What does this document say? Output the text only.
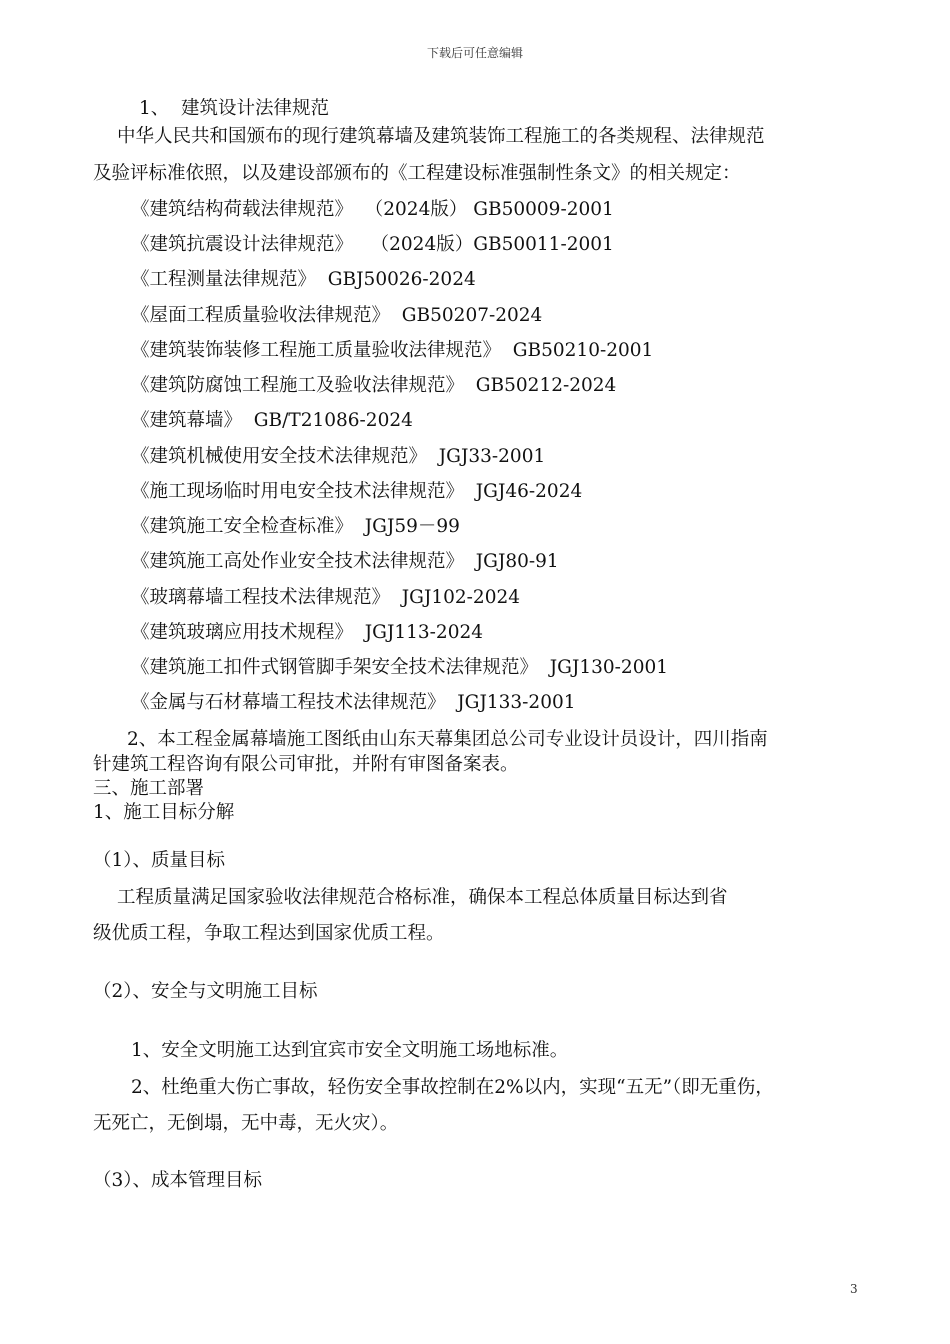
下载后可任意编辑
1、  建筑设计法律规范
中华人民共和国颁布的现行建筑幕墙及建筑装饰工程施工的各类规程、法律规范
及验评标准依照，以及建设部颁布的《工程建设标准强制性条文》的相关规定：
《建筑结构荷载法律规范》  （2024版） GB50009-2001
《建筑抗震设计法律规范》   （2024版）GB50011-2001
《工程测量法律规范》  GBJ50026-2024
《屋面工程质量验收法律规范》  GB50207-2024
《建筑装饰装修工程施工质量验收法律规范》  GB50210-2001
《建筑防腐蚀工程施工及验收法律规范》  GB50212-2024
《建筑幕墙》  GB/T21086-2024
《建筑机械使用安全技术法律规范》  JGJ33-2001
《施工现场临时用电安全技术法律规范》  JGJ46-2024
《建筑施工安全检查标准》  JGJ59－99
《建筑施工高处作业安全技术法律规范》  JGJ80-91
《玻璃幕墙工程技术法律规范》  JGJ102-2024
《建筑玻璃应用技术规程》  JGJ113-2024
《建筑施工扣件式钢管脚手架安全技术法律规范》  JGJ130-2001
《金属与石材幕墙工程技术法律规范》  JGJ133-2001
2、本工程金属幕墙施工图纸由山东天幕集团总公司专业设计员设计，四川指南
针建筑工程咨询有限公司审批，并附有审图备案表。
三、施工部署
1、施工目标分解
（1）、质量目标
工程质量满足国家验收法律规范合格标准，确保本工程总体质量目标达到省
级优质工程，争取工程达到国家优质工程。
（2）、安全与文明施工目标
1、安全文明施工达到宜宾市安全文明施工场地标准。
2、杜绝重大伤亡事故，轻伤安全事故控制在2%以内，实现“五无”（即无重伤，
无死亡，无倒塌，无中毒，无火灾）。
（3）、成本管理目标
3
